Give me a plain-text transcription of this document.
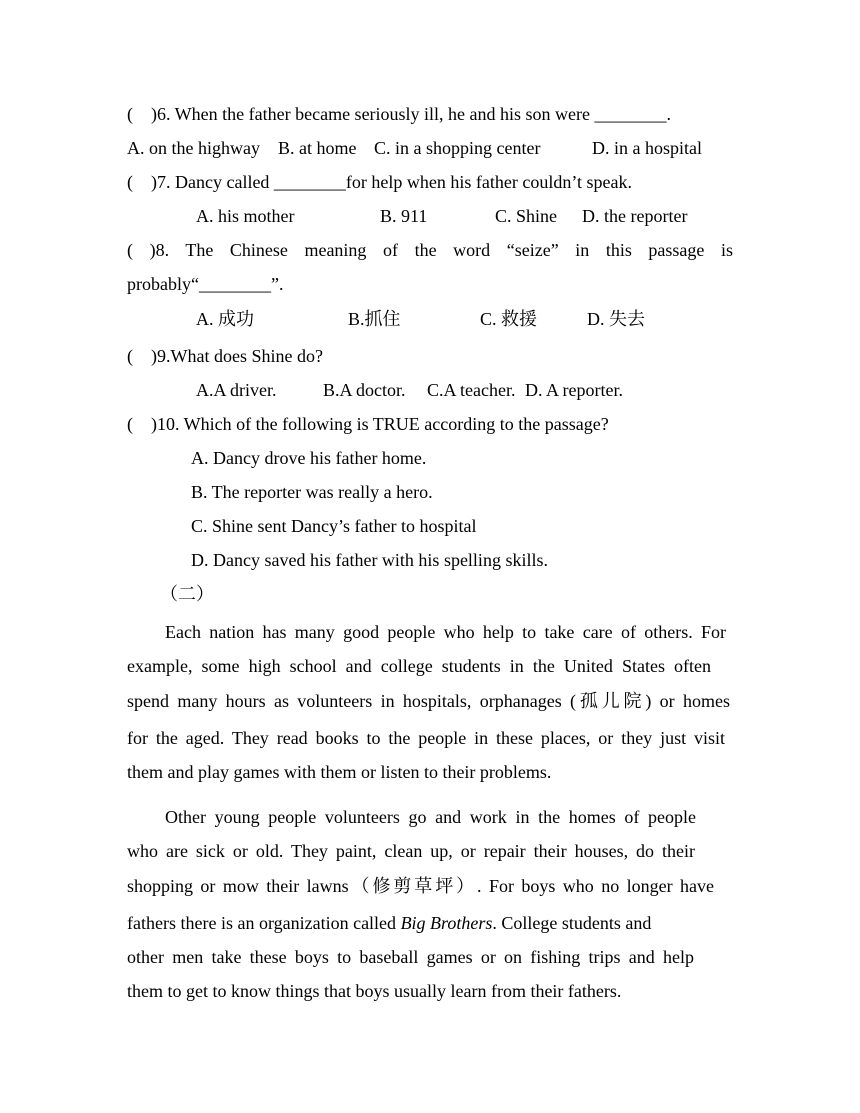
(    )6. When the father became seriously ill, he and his son were ________.
A. on the highway B. at home C. in a shopping center	D. in a hospital
(    )7. Dancy called ________for help when his father couldn’t speak.
A. his mother	B. 911	C. Shine D. the reporter
( )8. The Chinese meaning of the word “seize” in this passage is
probably“________”.
A. 成功	B.抓住	C. 救援	D. 失去
(    )9.What does Shine do?
A.A driver.	B.A doctor. C.A teacher. D. A reporter.
(    )10. Which of the following is TRUE according to the passage?
A. Dancy drove his father home.
B. The reporter was really a hero.
C. Shine sent Dancy’s father to hospital
D. Dancy saved his father with his spelling skills.
（二）
Each nation has many good people who help to take care of others. For
example, some high school and college students in the United States often
spend many hours as volunteers in hospitals, orphanages (孤儿院) or homes
for the aged. They read books to the people in these places, or they just visit
them and play games with them or listen to their problems.
Other young people volunteers go and work in the homes of people
who are sick or old. They paint, clean up, or repair their houses, do their
shopping or mow their lawns（修剪草坪）. For boys who no longer have
fathers there is an organization called Big Brothers. College students and
other men take these boys to baseball games or on fishing trips and help
them to get to know things that boys usually learn from their fathers.
